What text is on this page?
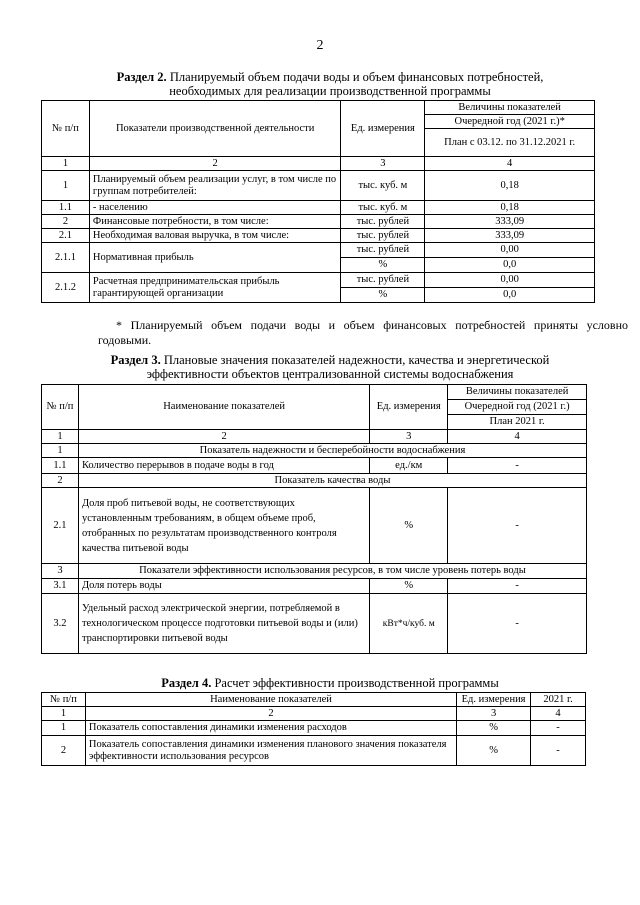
2
Раздел 2. Планируемый объем подачи воды и объем финансовых потребностей,
необходимых для реализации производственной программы
№ п/п	Показатели производственной деятельности	Ед. измерения	Величины показателей
			Очередной год (2021 г.)*
			План с 03.12. по 31.12.2021 г.
1	2	3	4
1	Планируемый объем реализации услуг, в том числе по группам потребителей:	тыс. куб. м	0,18
1.1	- населению	тыс. куб. м	0,18
2	Финансовые потребности, в том числе:	тыс. рублей	333,09
2.1	Необходимая валовая выручка, в том числе:	тыс. рублей	333,09
2.1.1	Нормативная прибыль	тыс. рублей	0,00
		%	0,0
2.1.2	Расчетная предпринимательская прибыль гарантирующей организации	тыс. рублей	0,00
		%	0,0
* Планируемый объем подачи воды и объем финансовых потребностей приняты условно годовыми.
Раздел 3. Плановые значения показателей надежности, качества и энергетической
эффективности объектов централизованной системы водоснабжения
№ п/п	Наименование показателей	Ед. измерения	Величины показателей
			Очередной год (2021 г.)
			План 2021 г.
1	2	3	4
1	Показатель надежности и бесперебойности водоснабжения		
1.1	Количество перерывов в подаче воды в год	ед./км	-
2	Показатель качества воды		
2.1	Доля проб питьевой воды, не соответствующих установленным требованиям, в общем объеме проб, отобранных по результатам производственного контроля качества питьевой воды	%	-
3	Показатели эффективности использования ресурсов, в том числе уровень потерь воды		
3.1	Доля потерь воды	%	-
3.2	Удельный расход электрической энергии, потребляемой в технологическом процессе подготовки питьевой воды и (или) транспортировки питьевой воды	кВт*ч/куб. м	-
Раздел 4. Расчет эффективности производственной программы
№ п/п	Наименование показателей	Ед. измерения	2021 г.
1	2	3	4
1	Показатель сопоставления динамики изменения расходов	%	-
2	Показатель сопоставления динамики изменения планового значения показателя эффективности использования ресурсов	%	-
